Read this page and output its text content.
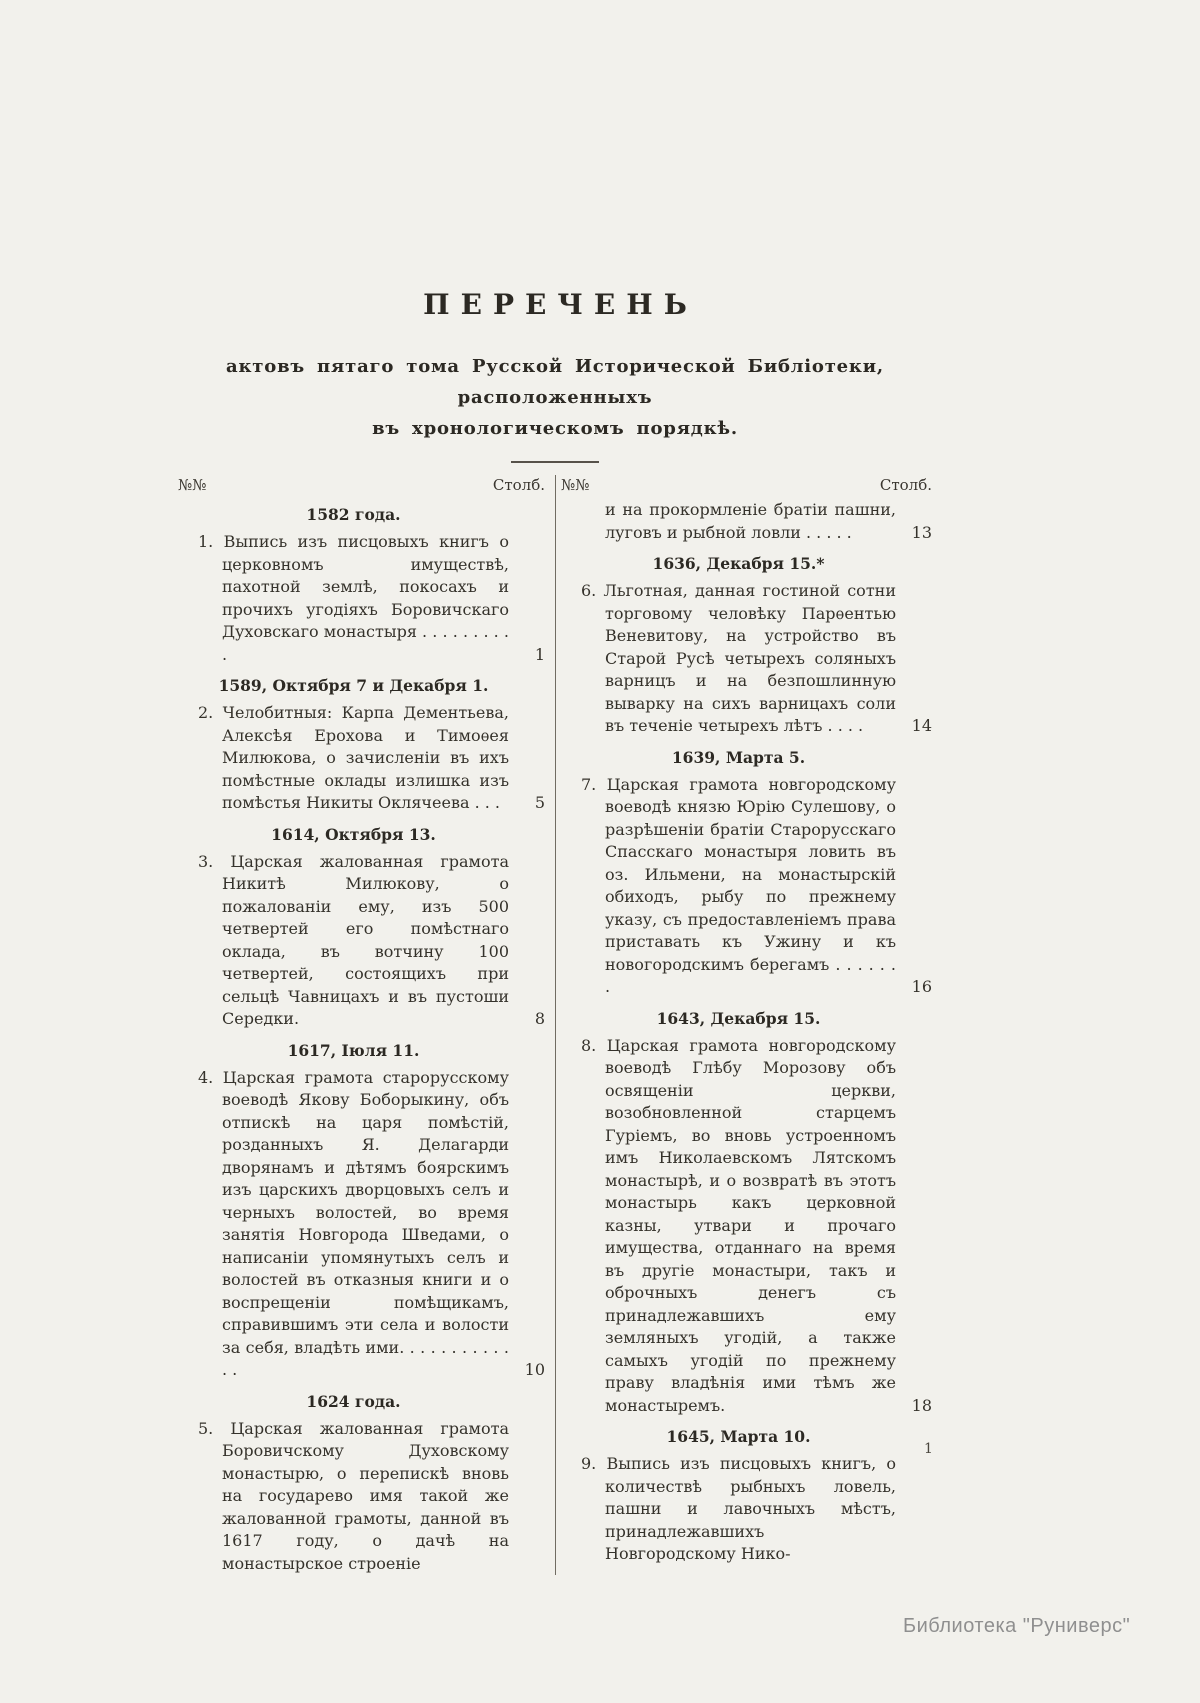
ПЕРЕЧЕНЬ
актовъ пятаго тома Русской Исторической Библіотеки, расположенныхъ
въ хронологическомъ порядкѣ.
№№	Столб.
1582 года.
1. Выпись изъ писцовыхъ книгъ о церковномъ имуществѣ, пахотной землѣ, покосахъ и прочихъ угодіяхъ Боровичскаго Духовскаго монастыря . . . . . . . . . .	1
1589, Октября 7 и Декабря 1.
2. Челобитныя: Карпа Дементьева, Алексѣя Ерохова и Тимоѳея Милюкова, о зачисленіи въ ихъ помѣстные оклады излишка изъ помѣстья Никиты Оклячеева . . .	5
1614, Октября 13.
3. Царская жалованная грамота Никитѣ Милюкову, о пожалованіи ему, изъ 500 четвертей его помѣстнаго оклада, въ вотчину 100 четвертей, состоящихъ при сельцѣ Чавницахъ и въ пустоши Середки.	8
1617, Іюля 11.
4. Царская грамота старорусскому воеводѣ Якову Боборыкину, объ отпискѣ на царя помѣстій, розданныхъ Я. Делагарди дворянамъ и дѣтямъ боярскимъ изъ царскихъ дворцовыхъ селъ и черныхъ волостей, во время занятія Новгорода Шведами, о написаніи упомянутыхъ селъ и волостей въ отказныя книги и о воспрещеніи помѣщикамъ, справившимъ эти села и волости за себя, владѣть ими. . . . . . . . . . . . .	10
1624 года.
5. Царская жалованная грамота Боровичскому Духовскому монастырю, о перепискѣ вновь на государево имя такой же жалованной грамоты, данной въ 1617 году, о дачѣ на монастырское строеніе
№№	Столб.
и на прокормленіе братіи пашни, луговъ и рыбной ловли . . . . .	13
1636, Декабря 15.*
6. Льготная, данная гостиной сотни торговому человѣку Парѳентью Веневитову, на устройство въ Старой Русѣ четырехъ соляныхъ варницъ и на безпошлинную выварку на сихъ варницахъ соли въ теченіе четырехъ лѣтъ . . . .	14
1639, Марта 5.
7. Царская грамота новгородскому воеводѣ князю Юрію Сулешову, о разрѣшеніи братіи Старорусскаго Спасскаго монастыря ловить въ оз. Ильмени, на монастырскій обиходъ, рыбу по прежнему указу, съ предоставленіемъ права приставать къ Ужину и къ новогородскимъ берегамъ . . . . . . .	16
1643, Декабря 15.
8. Царская грамота новгородскому воеводѣ Глѣбу Морозову объ освященіи церкви, возобновленной старцемъ Гуріемъ, во вновь устроенномъ имъ Николаевскомъ Лятскомъ монастырѣ, и о возвратѣ въ этотъ монастырь какъ церковной казны, утвари и прочаго имущества, отданнаго на время въ другіе монастыри, такъ и оброчныхъ денегъ съ принадлежавшихъ ему земляныхъ угодій, а также самыхъ угодій по прежнему праву владѣнія ими тѣмъ же монастыремъ.	18
1645, Марта 10.
9. Выпись изъ писцовыхъ книгъ, о количествѣ рыбныхъ ловель, пашни и лавочныхъ мѣстъ, принадлежавшихъ Новгородскому Нико-
1
Библиотека "Руниверс"
